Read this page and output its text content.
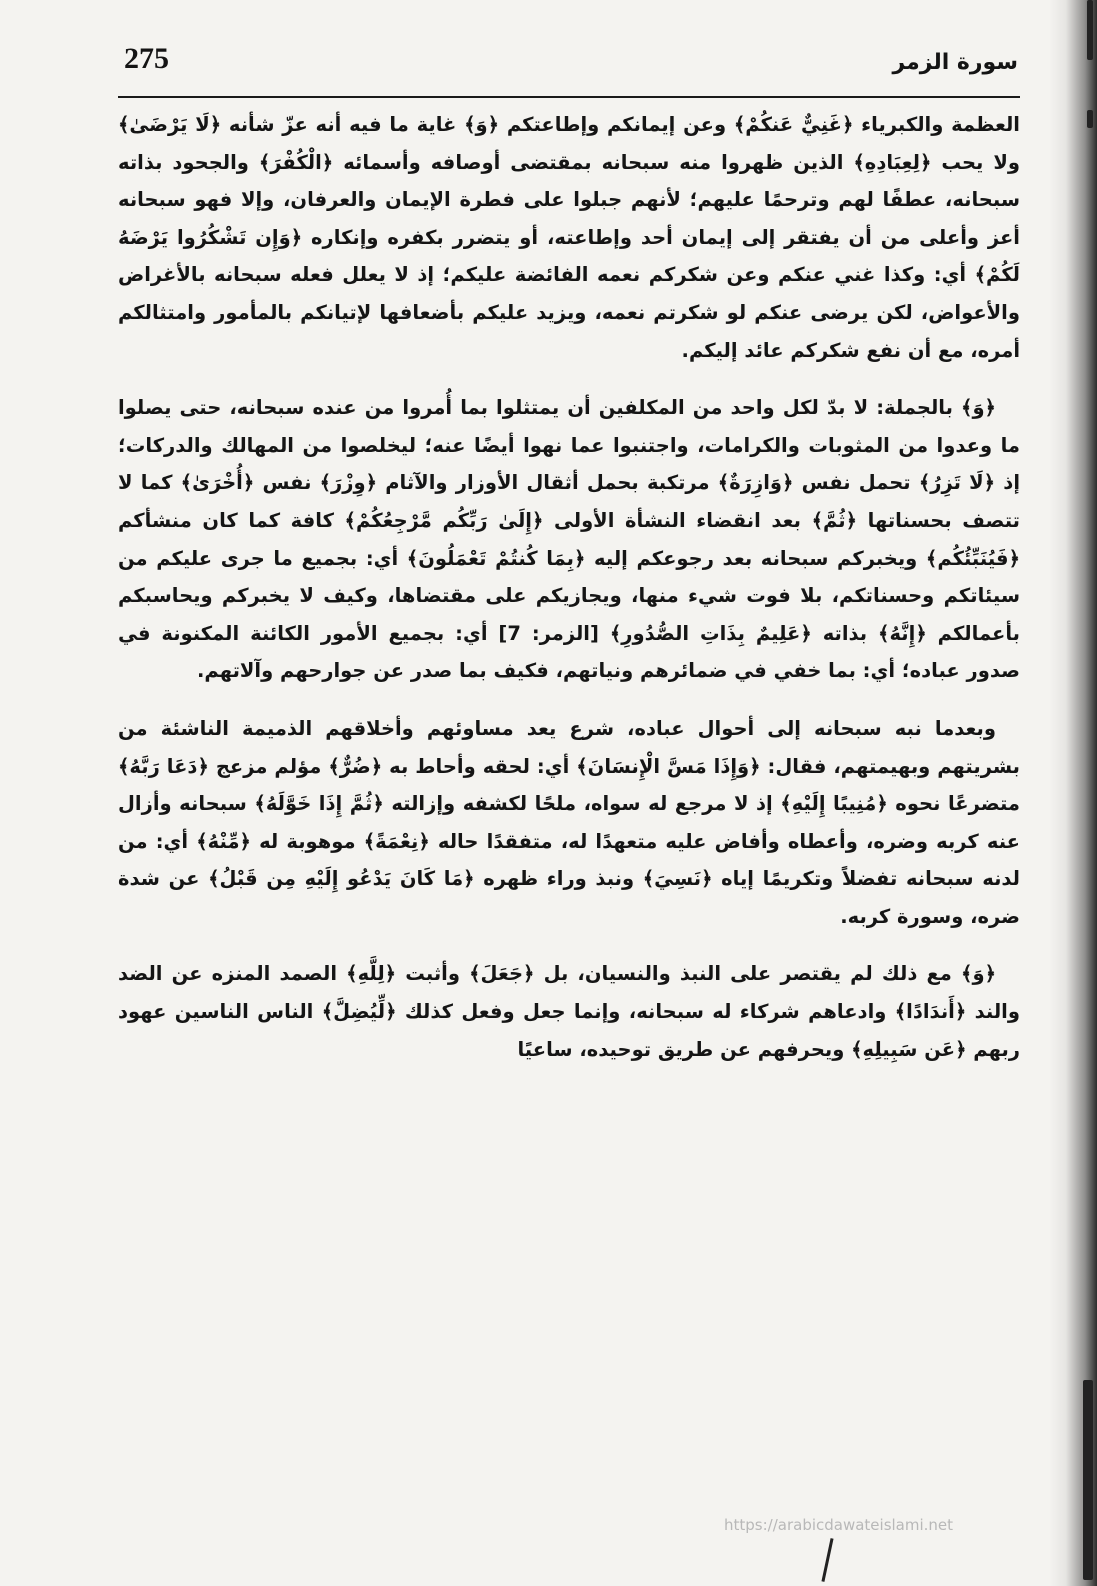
275	سورة الزمر

العظمة والكبرياء ﴿غَنِيٌّ عَنكُمْ﴾ وعن إيمانكم وإطاعتكم ﴿وَ﴾ غاية ما فيه أنه عزّ شأنه ﴿لَا يَرْضَىٰ﴾ ولا يحب ﴿لِعِبَادِهِ﴾ الذين ظهروا منه سبحانه بمقتضى أوصافه وأسمائه ﴿الْكُفْرَ﴾ والجحود بذاته سبحانه، عطفًا لهم وترحمًا عليهم؛ لأنهم جبلوا على فطرة الإيمان والعرفان، وإلا فهو سبحانه أعز وأعلى من أن يفتقر إلى إيمان أحد وإطاعته، أو يتضرر بكفره وإنكاره ﴿وَإِن تَشْكُرُوا يَرْضَهُ لَكُمْ﴾ أي: وكذا غني عنكم وعن شكركم نعمه الفائضة عليكم؛ إذ لا يعلل فعله سبحانه بالأغراض والأعواض، لكن يرضى عنكم لو شكرتم نعمه، ويزيد عليكم بأضعافها لإتيانكم بالمأمور وامتثالكم أمره، مع أن نفع شكركم عائد إليكم.

﴿وَ﴾ بالجملة: لا بدّ لكل واحد من المكلفين أن يمتثلوا بما أُمروا من عنده سبحانه، حتى يصلوا ما وعدوا من المثوبات والكرامات، واجتنبوا عما نهوا أيضًا عنه؛ ليخلصوا من المهالك والدركات؛ إذ ﴿لَا تَزِرُ﴾ تحمل نفس ﴿وَازِرَةٌ﴾ مرتكبة بحمل أثقال الأوزار والآثام ﴿وِزْرَ﴾ نفس ﴿أُخْرَىٰ﴾ كما لا تتصف بحسناتها ﴿ثُمَّ﴾ بعد انقضاء النشأة الأولى ﴿إِلَىٰ رَبِّكُم مَّرْجِعُكُمْ﴾ كافة كما كان منشأكم ﴿فَيُنَبِّئُكُم﴾ ويخبركم سبحانه بعد رجوعكم إليه ﴿بِمَا كُنتُمْ تَعْمَلُونَ﴾ أي: بجميع ما جرى عليكم من سيئاتكم وحسناتكم، بلا فوت شيء منها، ويجازيكم على مقتضاها، وكيف لا يخبركم ويحاسبكم بأعمالكم ﴿إِنَّهُ﴾ بذاته ﴿عَلِيمٌ بِذَاتِ الصُّدُورِ﴾ [الزمر: 7] أي: بجميع الأمور الكائنة المكنونة في صدور عباده؛ أي: بما خفي في ضمائرهم ونياتهم، فكيف بما صدر عن جوارحهم وآلاتهم.

وبعدما نبه سبحانه إلى أحوال عباده، شرع يعد مساوئهم وأخلاقهم الذميمة الناشئة من بشريتهم وبهيمتهم، فقال: ﴿وَإِذَا مَسَّ الْإِنسَانَ﴾ أي: لحقه وأحاط به ﴿ضُرٌّ﴾ مؤلم مزعج ﴿دَعَا رَبَّهُ﴾ متضرعًا نحوه ﴿مُنِيبًا إِلَيْهِ﴾ إذ لا مرجع له سواه، ملحًا لكشفه وإزالته ﴿ثُمَّ إِذَا خَوَّلَهُ﴾ سبحانه وأزال عنه كربه وضره، وأعطاه وأفاض عليه متعهدًا له، متفقدًا حاله ﴿نِعْمَةً﴾ موهوبة له ﴿مِّنْهُ﴾ أي: من لدنه سبحانه تفضلاً وتكريمًا إياه ﴿نَسِيَ﴾ ونبذ وراء ظهره ﴿مَا كَانَ يَدْعُو إِلَيْهِ مِن قَبْلُ﴾ عن شدة ضره، وسورة كربه.

﴿وَ﴾ مع ذلك لم يقتصر على النبذ والنسيان، بل ﴿جَعَلَ﴾ وأثبت ﴿لِلَّهِ﴾ الصمد المنزه عن الضد والند ﴿أَندَادًا﴾ وادعاهم شركاء له سبحانه، وإنما جعل وفعل كذلك ﴿لِّيُضِلَّ﴾ الناس الناسين عهود ربهم ﴿عَن سَبِيلِهِ﴾ ويحرفهم عن طريق توحيده، ساعيًا

https://arabicdawateislami.net
